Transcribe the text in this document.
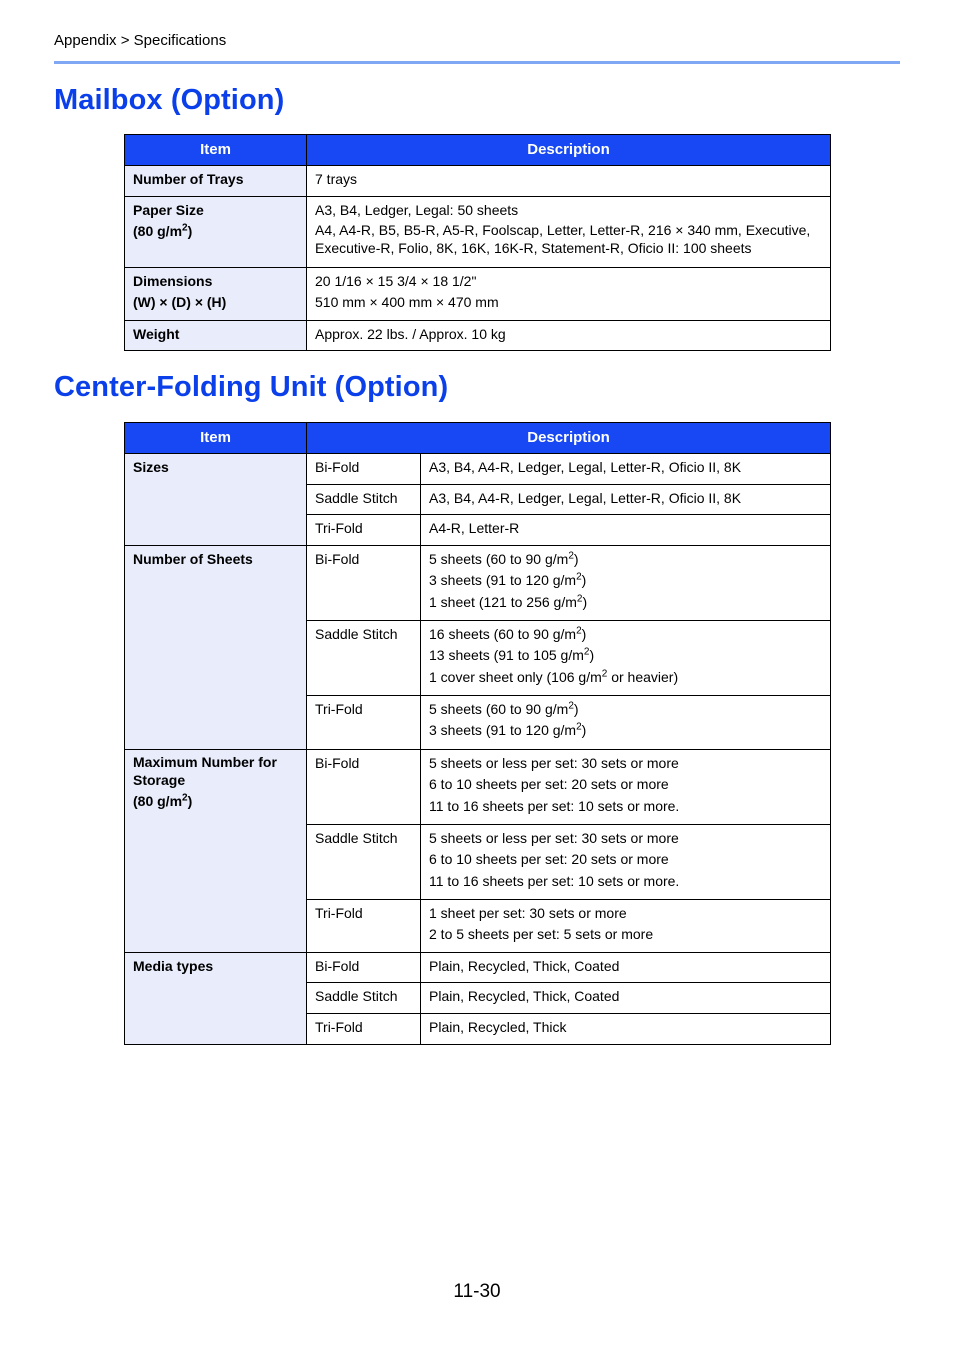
Appendix > Specifications
Mailbox (Option)
Item	Description
Number of Trays	7 trays

Paper Size
(80 $g/m^2$)	A3, B4, Ledger, Legal: 50 sheets
A4, A4-R, B5, B5-R, A5-R, Foolscap, Letter, Letter-R, 216 × 340 mm, Executive, Executive-R, Folio, 8K, 16K, 16K-R, Statement-R, Oficio II: 100 sheets

Dimensions
(W) × (D) × (H)	20 1/16 × 15 3/4 × 18 1/2"
510 mm × 400 mm × 470 mm

Weight	Approx. 22 lbs. / Approx. 10 kg
Center-Folding Unit (Option)
Item	Description	
Sizes	Bi-Fold	A3, B4, A4-R, Ledger, Legal, Letter-R, Oficio II, 8K
	Saddle Stitch	A3, B4, A4-R, Ledger, Legal, Letter-R, Oficio II, 8K
	Tri-Fold	A4-R, Letter-R
Number of Sheets	Bi-Fold	5 sheets (60 to 90 $g/m^2$)
3 sheets (91 to 120 $g/m^2$)
1 sheet (121 to 256 $g/m^2$)

	Saddle Stitch	16 sheets (60 to 90 $g/m^2$)
13 sheets (91 to 105 $g/m^2$)
1 cover sheet only (106 $g/m^2$ or heavier)

	Tri-Fold	5 sheets (60 to 90 $g/m^2$)
3 sheets (91 to 120 $g/m^2$)

Maximum Number for Storage
(80 $g/m^2$)	Bi-Fold	5 sheets or less per set: 30 sets or more
6 to 10 sheets per set: 20 sets or more
11 to 16 sheets per set: 10 sets or more.

	Saddle Stitch	5 sheets or less per set: 30 sets or more
6 to 10 sheets per set: 20 sets or more
11 to 16 sheets per set: 10 sets or more.

	Tri-Fold	1 sheet per set: 30 sets or more
2 to 5 sheets per set: 5 sets or more

Media types	Bi-Fold	Plain, Recycled, Thick, Coated
	Saddle Stitch	Plain, Recycled, Thick, Coated
	Tri-Fold	Plain, Recycled, Thick
11-30
